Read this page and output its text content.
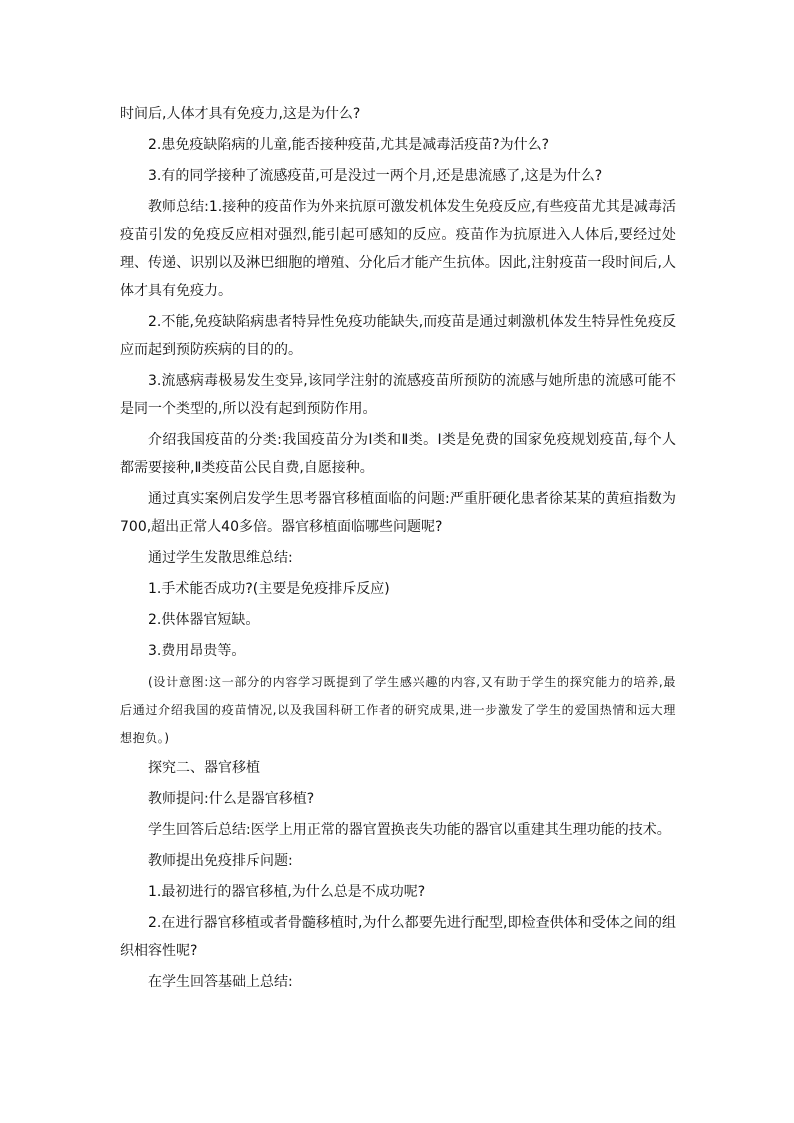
时间后,人体才具有免疫力,这是为什么?

2.患免疫缺陷病的儿童,能否接种疫苗,尤其是减毒活疫苗?为什么?

3.有的同学接种了流感疫苗,可是没过一两个月,还是患流感了,这是为什么?

教师总结:1.接种的疫苗作为外来抗原可激发机体发生免疫反应,有些疫苗尤其是减毒活疫苗引发的免疫反应相对强烈,能引起可感知的反应。疫苗作为抗原进入人体后,要经过处理、传递、识别以及淋巴细胞的增殖、分化后才能产生抗体。因此,注射疫苗一段时间后,人体才具有免疫力。

2.不能,免疫缺陷病患者特异性免疫功能缺失,而疫苗是通过刺激机体发生特异性免疫反应而起到预防疾病的目的的。

3.流感病毒极易发生变异,该同学注射的流感疫苗所预防的流感与她所患的流感可能不是同一个类型的,所以没有起到预防作用。

介绍我国疫苗的分类:我国疫苗分为Ⅰ类和Ⅱ类。Ⅰ类是免费的国家免疫规划疫苗,每个人都需要接种,Ⅱ类疫苗公民自费,自愿接种。

通过真实案例启发学生思考器官移植面临的问题:严重肝硬化患者徐某某的黄疸指数为700,超出正常人40多倍。器官移植面临哪些问题呢?

通过学生发散思维总结:

1.手术能否成功?(主要是免疫排斥反应)

2.供体器官短缺。

3.费用昂贵等。

(设计意图:这一部分的内容学习既提到了学生感兴趣的内容,又有助于学生的探究能力的培养,最后通过介绍我国的疫苗情况,以及我国科研工作者的研究成果,进一步激发了学生的爱国热情和远大理想抱负。)

探究二、器官移植

教师提问:什么是器官移植?

学生回答后总结:医学上用正常的器官置换丧失功能的器官以重建其生理功能的技术。

教师提出免疫排斥问题:

1.最初进行的器官移植,为什么总是不成功呢?

2.在进行器官移植或者骨髓移植时,为什么都要先进行配型,即检查供体和受体之间的组织相容性呢?

在学生回答基础上总结:
